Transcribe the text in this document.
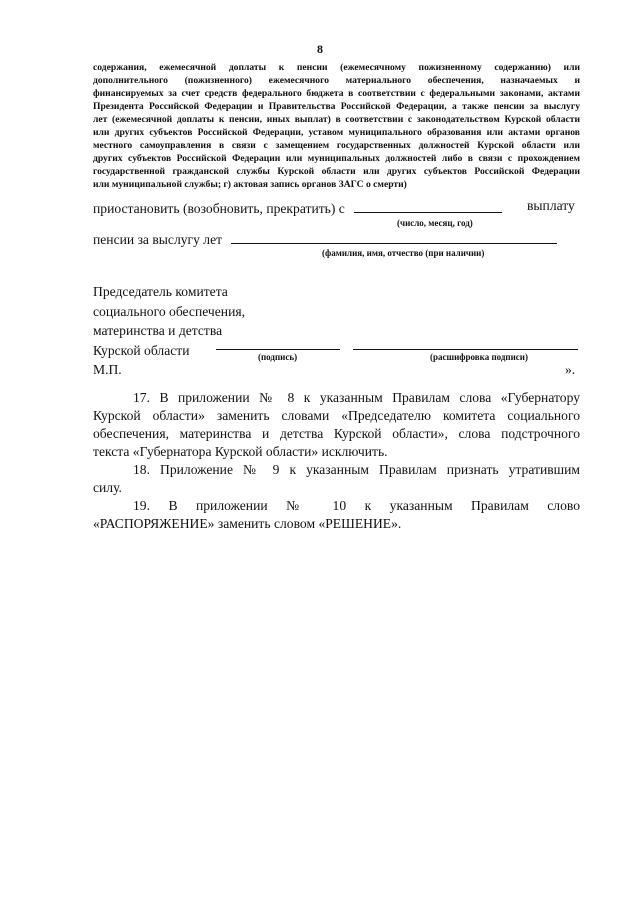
8
содержания, ежемесячной доплаты к пенсии (ежемесячному пожизненному содержанию) или
дополнительного (пожизненного) ежемесячного материального обеспечения, назначаемых и
финансируемых за счет средств федерального бюджета в соответствии с федеральными законами, актами
Президента Российской Федерации и Правительства Российской Федерации, а также пенсии за выслугу
лет (ежемесячной доплаты к пенсии, иных выплат) в соответствии с законодательством Курской области
или других субъектов Российской Федерации, уставом муниципального образования или актами органов
местного самоуправления в связи с замещением государственных должностей Курской области или
других субъектов Российской Федерации или муниципальных должностей либо в связи с прохождением
государственной гражданской службы Курской области или других субъектов Российской Федерации
или муниципальной службы; г) актовая запись органов ЗАГС о смерти)
приостановить (возобновить, прекратить) с	выплату
(число, месяц, год)
пенсии за выслугу лет
(фамилия, имя, отчество (при наличии)
Председатель комитета
социального обеспечения,
материнства и детства
Курской области	(подпись)	(расшифровка подписи)
М.П.	».
17. В приложении № 8 к указанным Правилам слова «Губернатору
Курской области» заменить словами «Председателю комитета социального
обеспечения, материнства и детства Курской области», слова подстрочного
текста «Губернатора Курской области» исключить.
18. Приложение № 9 к указанным Правилам признать утратившим
силу.
19. В приложении № 10 к указанным Правилам слово
«РАСПОРЯЖЕНИЕ» заменить словом «РЕШЕНИЕ».
